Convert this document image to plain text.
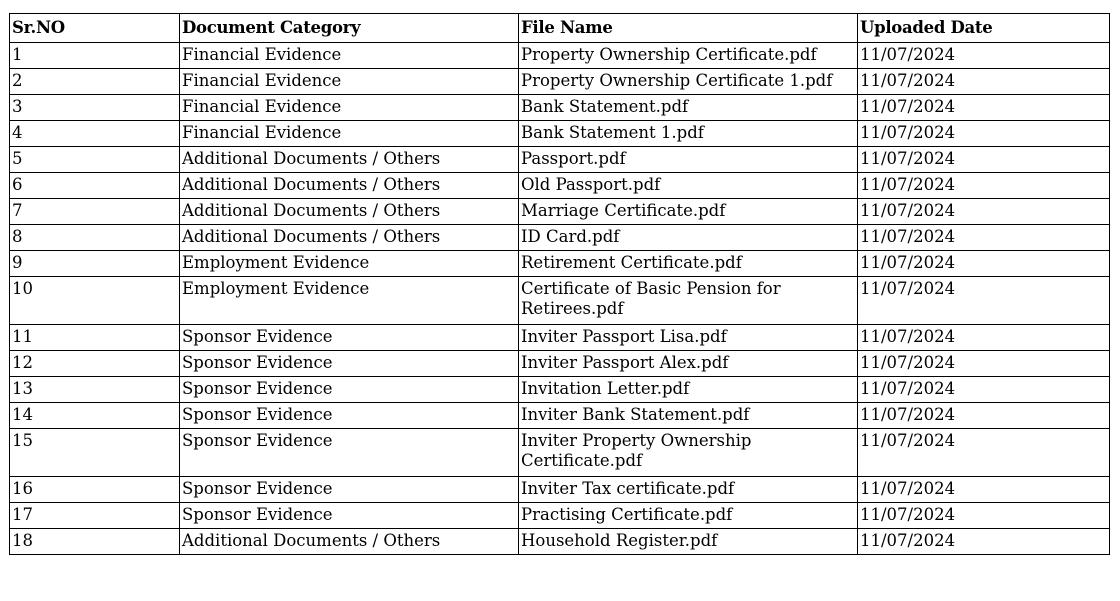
Sr.NO	Document Category	File Name	Uploaded Date
1	Financial Evidence	Property Ownership Certificate.pdf	11/07/2024
2	Financial Evidence	Property Ownership Certificate 1.pdf	11/07/2024
3	Financial Evidence	Bank Statement.pdf	11/07/2024
4	Financial Evidence	Bank Statement 1.pdf	11/07/2024
5	Additional Documents / Others	Passport.pdf	11/07/2024
6	Additional Documents / Others	Old Passport.pdf	11/07/2024
7	Additional Documents / Others	Marriage Certificate.pdf	11/07/2024
8	Additional Documents / Others	ID Card.pdf	11/07/2024
9	Employment Evidence	Retirement Certificate.pdf	11/07/2024
10	Employment Evidence	Certificate of Basic Pension for Retirees.pdf	11/07/2024
11	Sponsor Evidence	Inviter Passport Lisa.pdf	11/07/2024
12	Sponsor Evidence	Inviter Passport Alex.pdf	11/07/2024
13	Sponsor Evidence	Invitation Letter.pdf	11/07/2024
14	Sponsor Evidence	Inviter Bank Statement.pdf	11/07/2024
15	Sponsor Evidence	Inviter Property Ownership Certificate.pdf	11/07/2024
16	Sponsor Evidence	Inviter Tax certificate.pdf	11/07/2024
17	Sponsor Evidence	Practising Certificate.pdf	11/07/2024
18	Additional Documents / Others	Household Register.pdf	11/07/2024
